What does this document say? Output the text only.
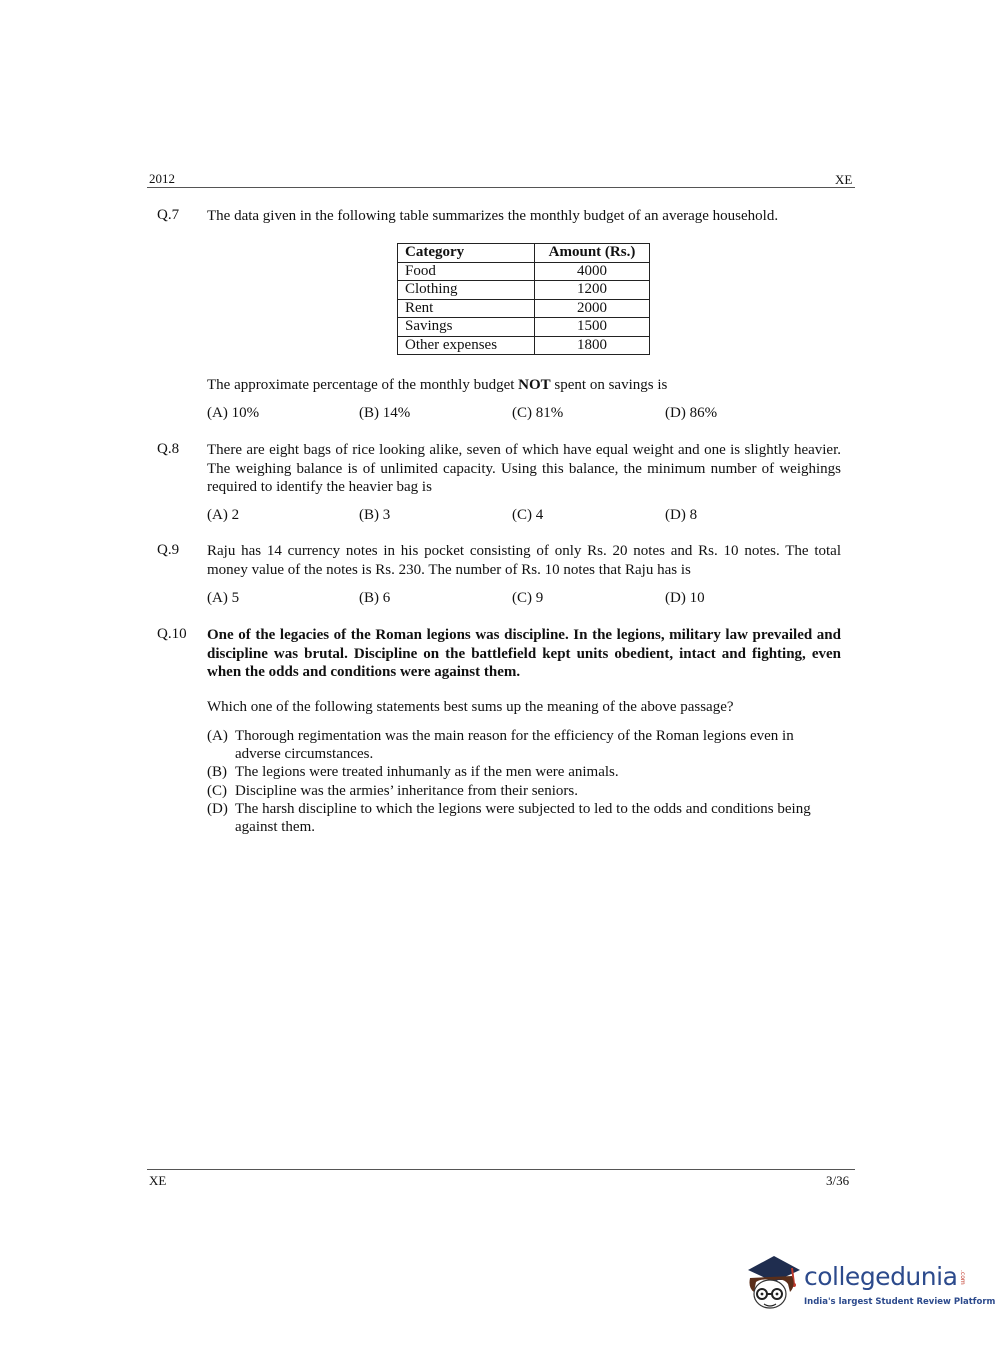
2012	XE
Q.7 The data given in the following table summarizes the monthly budget of an average household.
Category	Amount (Rs.)
Food	4000
Clothing	1200
Rent	2000
Savings	1500
Other expenses	1800
The approximate percentage of the monthly budget NOT spent on savings is
(A) 10%	(B) 14%	(C) 81%	(D) 86%
Q.8 There are eight bags of rice looking alike, seven of which have equal weight and one is slightly heavier. The weighing balance is of unlimited capacity. Using this balance, the minimum number of weighings required to identify the heavier bag is
(A) 2	(B) 3	(C) 4	(D) 8
Q.9 Raju has 14 currency notes in his pocket consisting of only Rs. 20 notes and Rs. 10 notes. The total money value of the notes is Rs. 230. The number of Rs. 10 notes that Raju has is
(A) 5	(B) 6	(C) 9	(D) 10
Q.10 One of the legacies of the Roman legions was discipline. In the legions, military law prevailed and discipline was brutal. Discipline on the battlefield kept units obedient, intact and fighting, even when the odds and conditions were against them.
Which one of the following statements best sums up the meaning of the above passage?
(A) Thorough regimentation was the main reason for the efficiency of the Roman legions even in adverse circumstances.
(B) The legions were treated inhumanly as if the men were animals.
(C) Discipline was the armies’ inheritance from their seniors.
(D) The harsh discipline to which the legions were subjected to led to the odds and conditions being against them.
XE	3/36
collegedunia .com
India's largest Student Review Platform
